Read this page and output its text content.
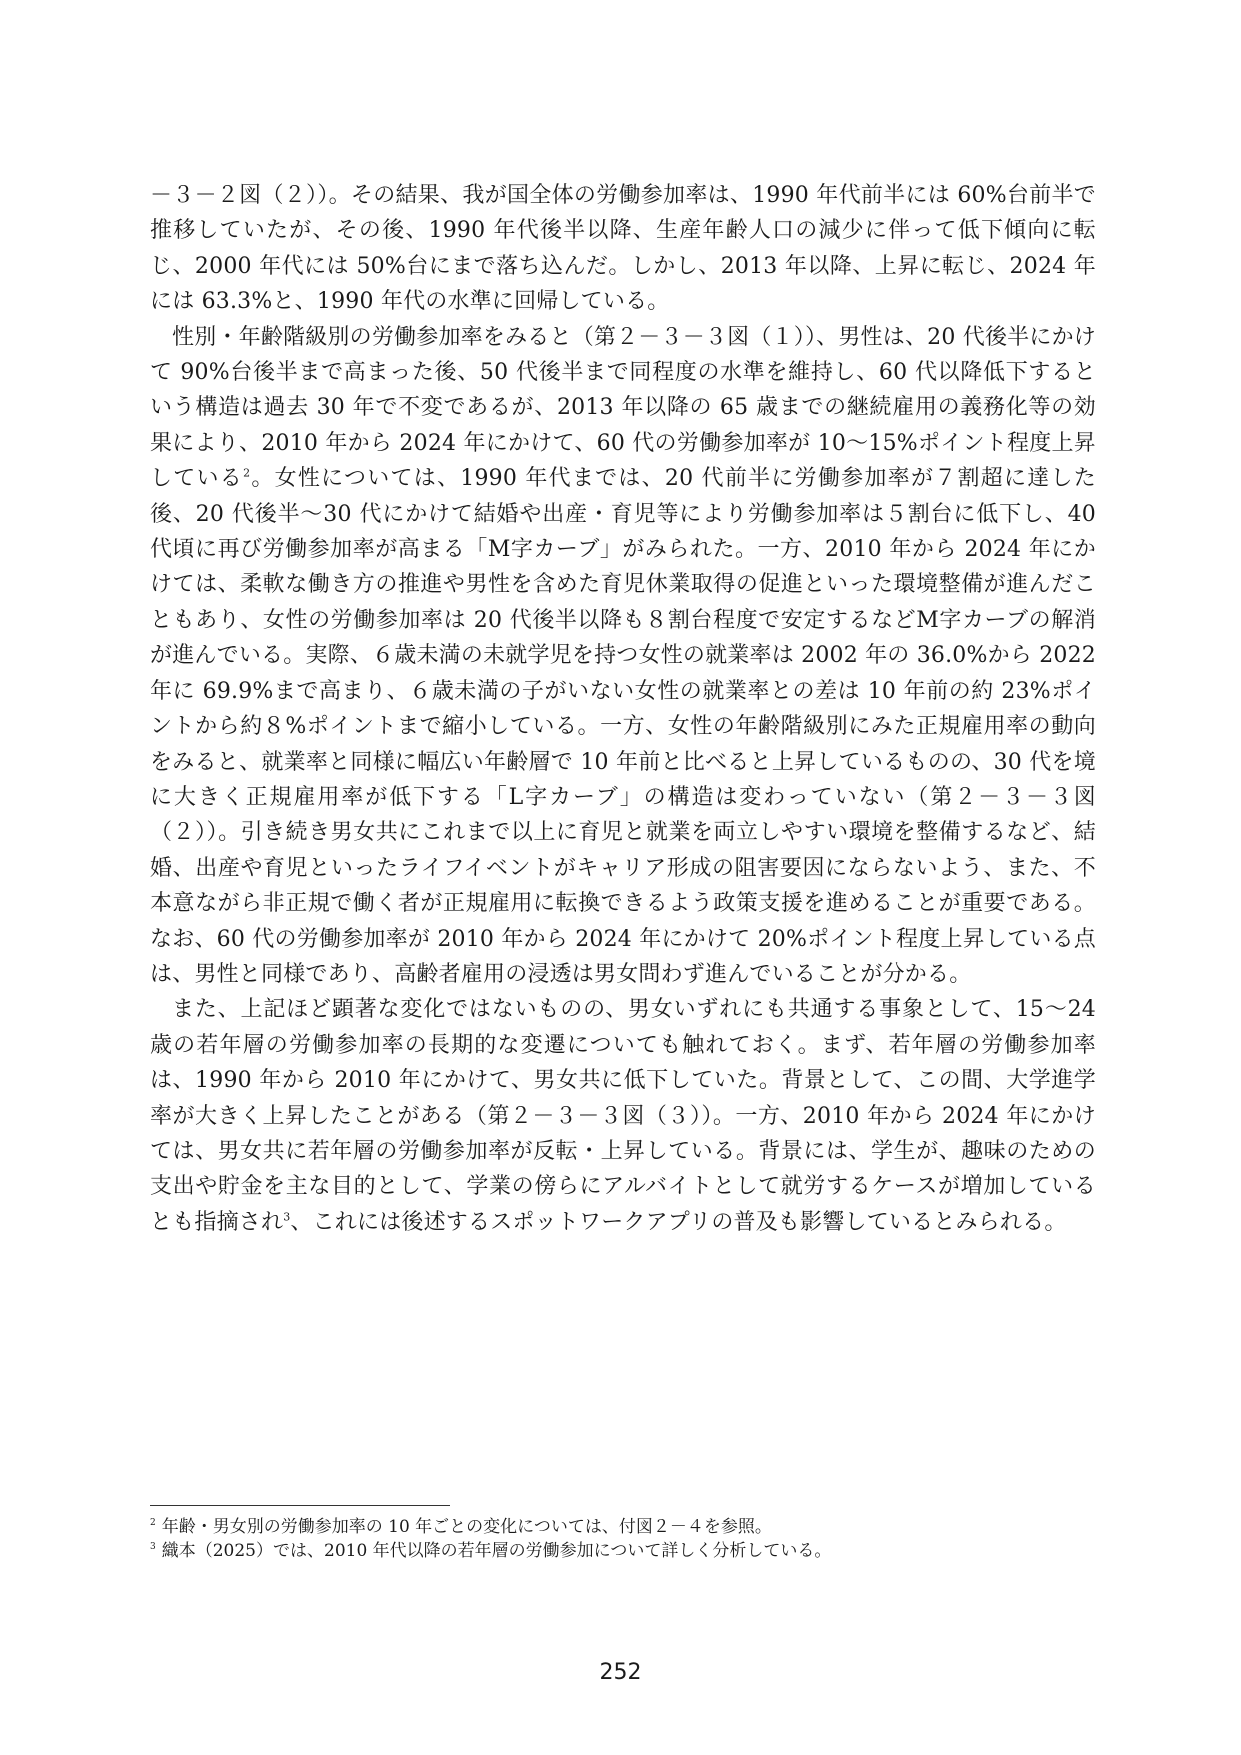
－３－２図（２））。その結果、我が国全体の労働参加率は、1990 年代前半には 60%台前半で推移していたが、その後、1990 年代後半以降、生産年齢人口の減少に伴って低下傾向に転じ、2000 年代には 50%台にまで落ち込んだ。しかし、2013 年以降、上昇に転じ、2024 年には 63.3%と、1990 年代の水準に回帰している。

性別・年齢階級別の労働参加率をみると（第２－３－３図（１））、男性は、20 代後半にかけて 90%台後半まで高まった後、50 代後半まで同程度の水準を維持し、60 代以降低下するという構造は過去 30 年で不変であるが、2013 年以降の 65 歳までの継続雇用の義務化等の効果により、2010 年から 2024 年にかけて、60 代の労働参加率が 10～15%ポイント程度上昇している$^2$。女性については、1990 年代までは、20 代前半に労働参加率が７割超に達した後、20 代後半～30 代にかけて結婚や出産・育児等により労働参加率は５割台に低下し、40 代頃に再び労働参加率が高まる「M字カーブ」がみられた。一方、2010 年から 2024 年にかけては、柔軟な働き方の推進や男性を含めた育児休業取得の促進といった環境整備が進んだこともあり、女性の労働参加率は 20 代後半以降も８割台程度で安定するなどM字カーブの解消が進んでいる。実際、６歳未満の未就学児を持つ女性の就業率は 2002 年の 36.0%から 2022 年に 69.9%まで高まり、６歳未満の子がいない女性の就業率との差は 10 年前の約 23%ポイントから約８%ポイントまで縮小している。一方、女性の年齢階級別にみた正規雇用率の動向をみると、就業率と同様に幅広い年齢層で 10 年前と比べると上昇しているものの、30 代を境に大きく正規雇用率が低下する「L字カーブ」の構造は変わっていない（第２－３－３図（２））。引き続き男女共にこれまで以上に育児と就業を両立しやすい環境を整備するなど、結婚、出産や育児といったライフイベントがキャリア形成の阻害要因にならないよう、また、不本意ながら非正規で働く者が正規雇用に転換できるよう政策支援を進めることが重要である。なお、60 代の労働参加率が 2010 年から 2024 年にかけて 20%ポイント程度上昇している点は、男性と同様であり、高齢者雇用の浸透は男女問わず進んでいることが分かる。

また、上記ほど顕著な変化ではないものの、男女いずれにも共通する事象として、15～24 歳の若年層の労働参加率の長期的な変遷についても触れておく。まず、若年層の労働参加率は、1990 年から 2010 年にかけて、男女共に低下していた。背景として、この間、大学進学率が大きく上昇したことがある（第２－３－３図（３））。一方、2010 年から 2024 年にかけては、男女共に若年層の労働参加率が反転・上昇している。背景には、学生が、趣味のための支出や貯金を主な目的として、学業の傍らにアルバイトとして就労するケースが増加しているとも指摘され$^3$、これには後述するスポットワークアプリの普及も影響しているとみられる。

$^2$ 年齢・男女別の労働参加率の 10 年ごとの変化については、付図２－４を参照。

$^3$ 織本（2025）では、2010 年代以降の若年層の労働参加について詳しく分析している。

252
